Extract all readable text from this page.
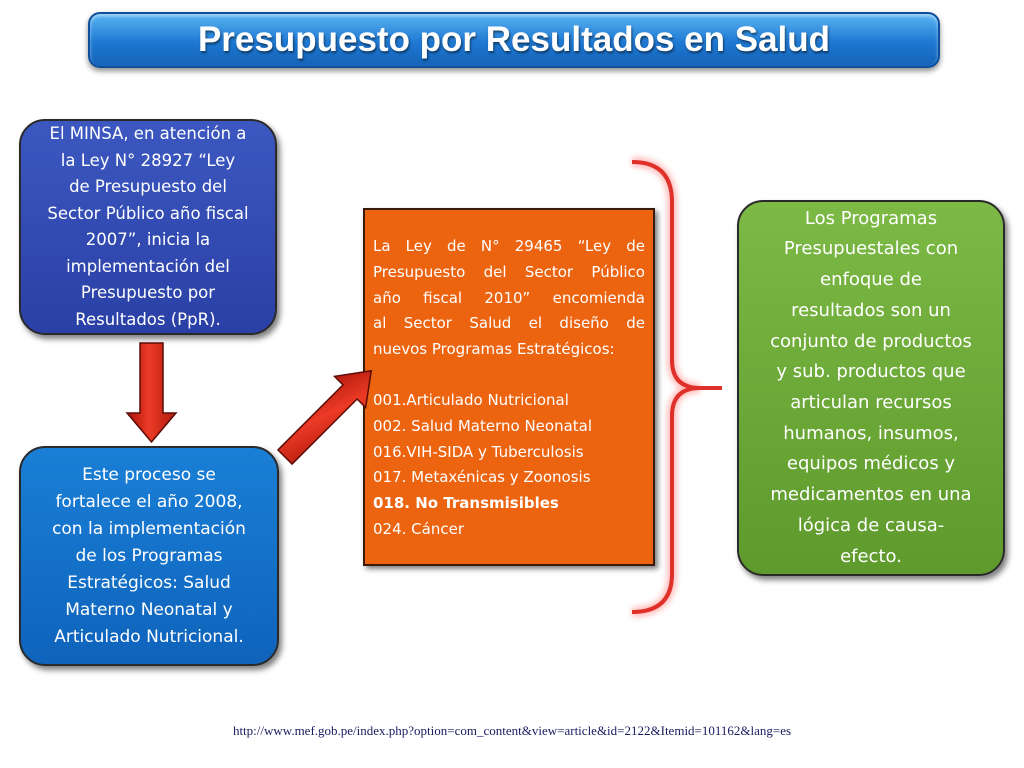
Presupuesto por Resultados en Salud
El MINSA, en atención a
la Ley N° 28927 “Ley
de Presupuesto del
Sector Público año fiscal
2007”, inicia la
implementación del
Presupuesto por
Resultados (PpR).
Este proceso se
fortalece el año 2008,
con la implementación
de los Programas
Estratégicos: Salud
Materno Neonatal y
Articulado Nutricional.

La Ley de N° 29465 “Ley de

Presupuesto del Sector Público

año fiscal 2010” encomienda

al Sector Salud el diseño de

nuevos Programas Estratégicos:

001.Articulado Nutricional
002. Salud Materno Neonatal
016.VIH-SIDA y Tuberculosis
017. Metaxénicas y Zoonosis
018. No Transmisibles
024. Cáncer
Los Programas
Presupuestales con
enfoque de
resultados son un
conjunto de productos
y sub. productos que
articulan recursos
humanos, insumos,
equipos médicos y
medicamentos en una
lógica de causa-
efecto.
http://www.mef.gob.pe/index.php?option=com_content&view=article&id=2122&Itemid=101162&lang=es
